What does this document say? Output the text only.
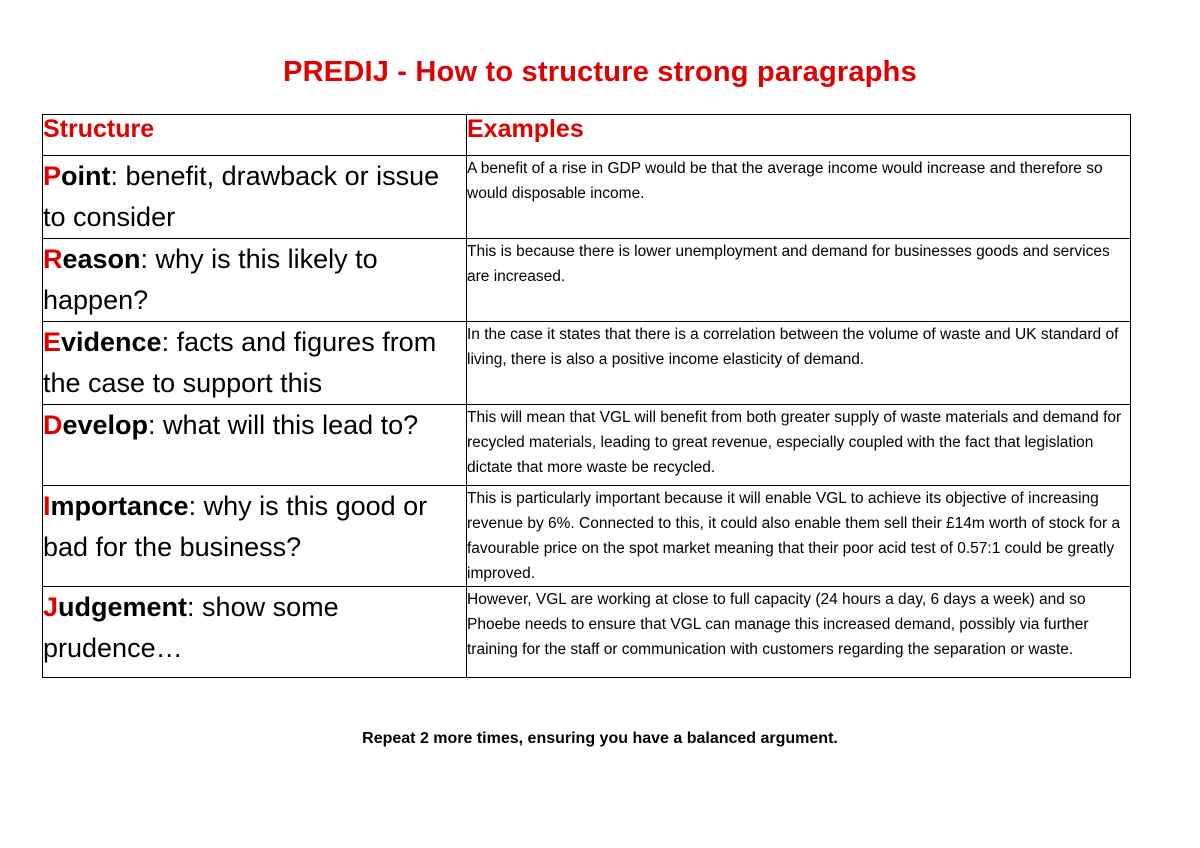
PREDIJ - How to structure strong paragraphs
Structure	Examples
Point: benefit, drawback or issue to consider	A benefit of a rise in GDP would be that the average income would increase and therefore so would disposable income.
Reason: why is this likely to happen?	This is because there is lower unemployment and demand for businesses goods and services are increased.
Evidence: facts and figures from the case to support this	In the case it states that there is a correlation between the volume of waste and UK standard of living, there is also a positive income elasticity of demand.
Develop: what will this lead to?	This will mean that VGL will benefit from both greater supply of waste materials and demand for recycled materials, leading to great revenue, especially coupled with the fact that legislation dictate that more waste be recycled.
Importance: why is this good or bad for the business?	This is particularly important because it will enable VGL to achieve its objective of increasing revenue by 6%. Connected to this, it could also enable them sell their £14m worth of stock for a favourable price on the spot market meaning that their poor acid test of 0.57:1 could be greatly improved.
Judgement: show some prudence…	However, VGL are working at close to full capacity (24 hours a day, 6 days a week) and so Phoebe needs to ensure that VGL can manage this increased demand, possibly via further training for the staff or communication with customers regarding the separation or waste.
Repeat 2 more times, ensuring you have a balanced argument.
